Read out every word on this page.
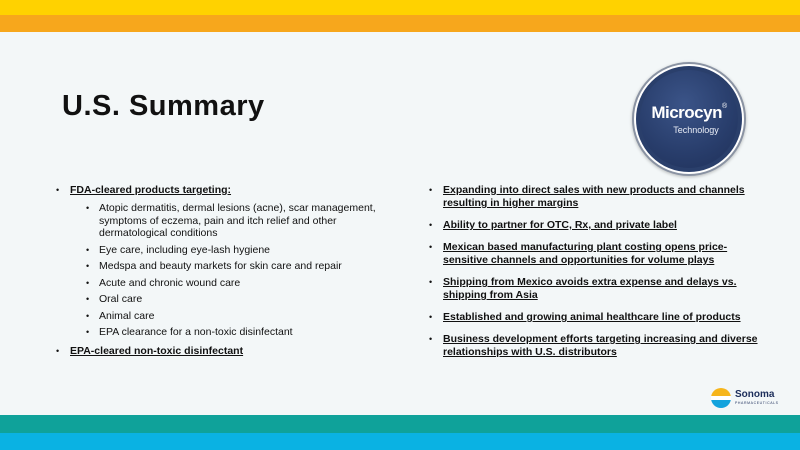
U.S. Summary	Microcyn®
Technology
• FDA-cleared products targeting:
• Atopic dermatitis, dermal lesions (acne), scar management, symptoms of eczema, pain and itch relief and other dermatological conditions
• Eye care, including eye-lash hygiene
• Medspa and beauty markets for skin care and repair
• Acute and chronic wound care
• Oral care
• Animal care
• EPA clearance for a non-toxic disinfectant
• EPA-cleared non-toxic disinfectant
• Expanding into direct sales with new products and channels resulting in higher margins
• Ability to partner for OTC, Rx, and private label
• Mexican based manufacturing plant costing opens price-sensitive channels and opportunities for volume plays
• Shipping from Mexico avoids extra expense and delays vs. shipping from Asia
• Established and growing animal healthcare line of products
• Business development efforts targeting increasing and diverse relationships with U.S. distributors
Sonoma
PHARMACEUTICALS
